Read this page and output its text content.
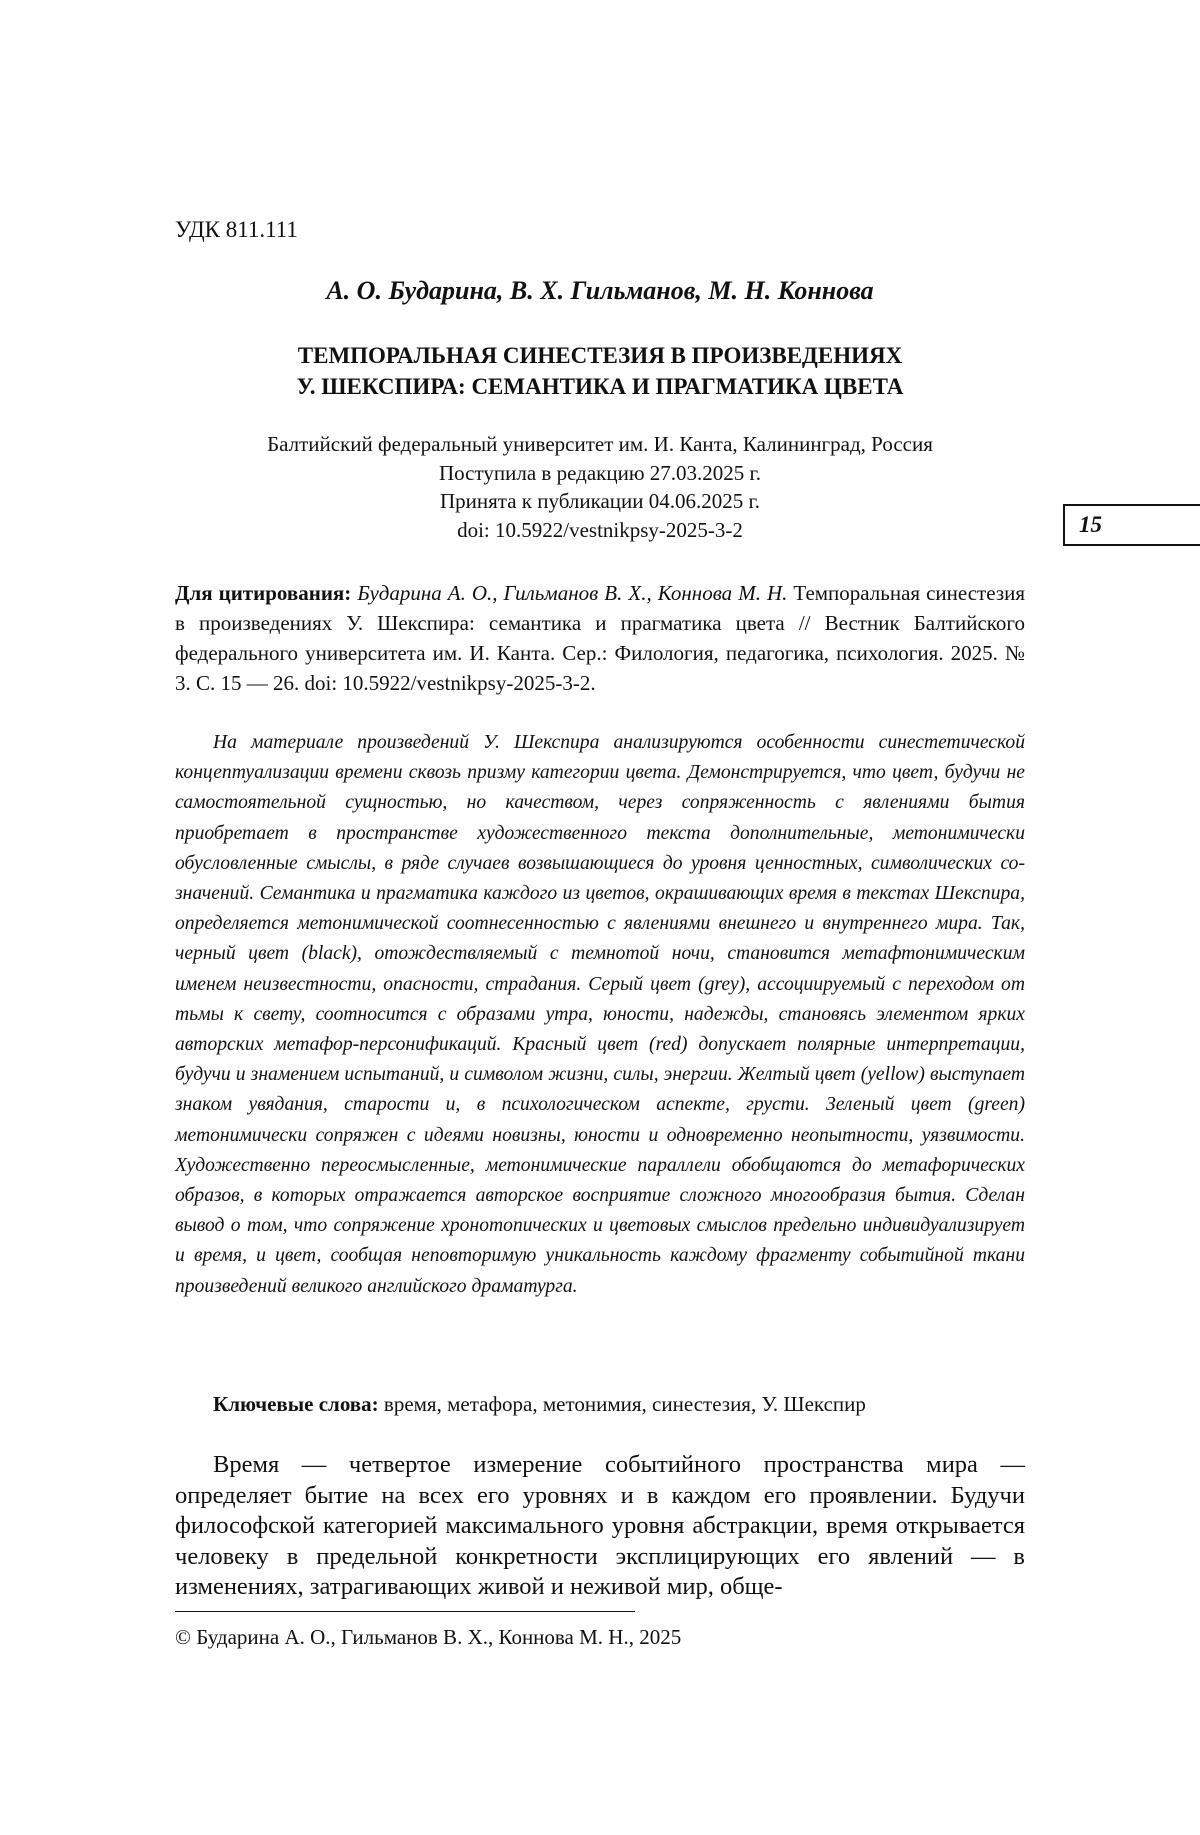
УДК 811.111
А. О. Бударина, В. Х. Гильманов, М. Н. Коннова
ТЕМПОРАЛЬНАЯ СИНЕСТЕЗИЯ В ПРОИЗВЕДЕНИЯХ
У. ШЕКСПИРА: СЕМАНТИКА И ПРАГМАТИКА ЦВЕТА
Балтийский федеральный университет им. И. Канта, Калининград, Россия
Поступила в редакцию 27.03.2025 г.
Принята к публикации 04.06.2025 г.
doi: 10.5922/vestnikpsy-2025-3-2	15
Для цитирования: Бударина А. О., Гильманов В. Х., Коннова М. Н. Темпоральная синестезия в произведениях У. Шекспира: семантика и прагматика цвета // Вестник Балтийского федерального университета им. И. Канта. Сер.: Филология, педагогика, психология. 2025. № 3. С. 15 — 26. doi: 10.5922/vestnikpsy-2025-3-2.
На материале произведений У. Шекспира анализируются особенности синестетической концептуализации времени сквозь призму категории цвета. Демонстрируется, что цвет, будучи не самостоятельной сущностью, но качеством, через сопряженность с явлениями бытия приобретает в пространстве художественного текста дополнительные, метонимически обусловленные смыслы, в ряде случаев возвышающиеся до уровня ценностных, символических со-значений. Семантика и прагматика каждого из цветов, окрашивающих время в текстах Шекспира, определяется метонимической соотнесенностью с явлениями внешнего и внутреннего мира. Так, черный цвет (black), отождествляемый с темнотой ночи, становится метафтонимическим именем неизвестности, опасности, страдания. Серый цвет (grey), ассоциируемый с переходом от тьмы к свету, соотносится с образами утра, юности, надежды, становясь элементом ярких авторских метафор-персонификаций. Красный цвет (red) допускает полярные интерпретации, будучи и знамением испытаний, и символом жизни, силы, энергии. Желтый цвет (yellow) выступает знаком увядания, старости и, в психологическом аспекте, грусти. Зеленый цвет (green) метонимически сопряжен с идеями новизны, юности и одновременно неопытности, уязвимости. Художественно переосмысленные, метонимические параллели обобщаются до метафорических образов, в которых отражается авторское восприятие сложного многообразия бытия. Сделан вывод о том, что сопряжение хронотопических и цветовых смыслов предельно индивидуализирует и время, и цвет, сообщая неповторимую уникальность каждому фрагменту событийной ткани произведений великого английского драматурга.
Ключевые слова: время, метафора, метонимия, синестезия, У. Шекспир
Время — четвертое измерение событийного пространства мира — определяет бытие на всех его уровнях и в каждом его проявлении. Будучи философской категорией максимального уровня абстракции, время открывается человеку в предельной конкретности эксплицирующих его явлений — в изменениях, затрагивающих живой и неживой мир, обще-
© Бударина А. О., Гильманов В. Х., Коннова М. Н., 2025
